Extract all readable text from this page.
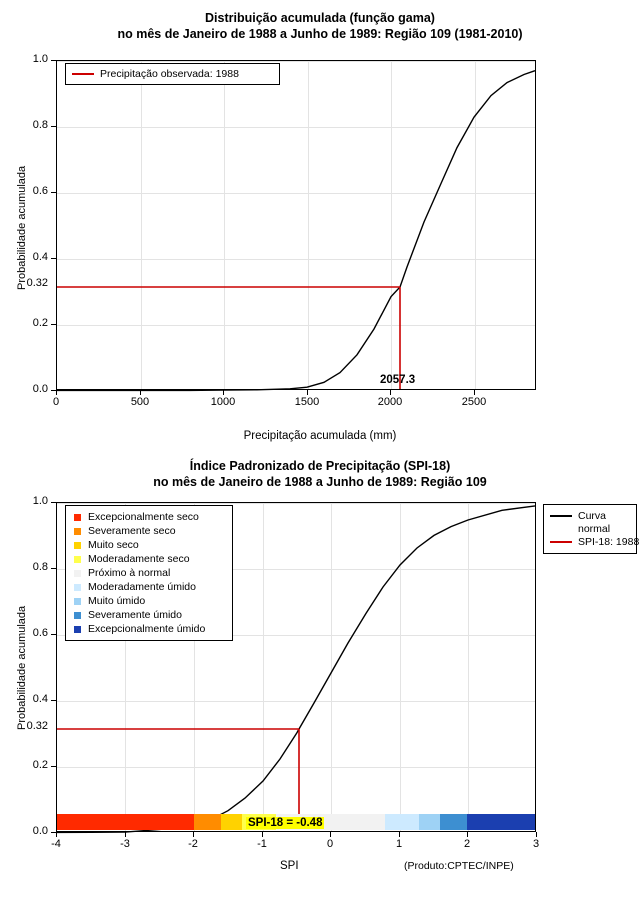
Distribuição acumulada (função gama)
no mês de Janeiro de 1988 a Junho de 1989: Região 109 (1981-2010)
Probabilidade acumulada
0.0
0.2
0.4
0.6
0.8
1.0
0.32
0	500	1000	1500	2000	2500
Precipitação observada: 1988
2057.3
Precipitação acumulada (mm)
Índice Padronizado de Precipitação (SPI-18)
no mês de Janeiro de 1988 a Junho de 1989: Região 109
Probabilidade acumulada
0.0
0.2
0.4
0.6
0.8
1.0
0.32
-4	-3	-2	-1	0	1	2	3
SPI-18 = -0.48
Excepcionalmente seco
Severamente seco
Muito seco
Moderadamente seco
Próximo à normal
Moderadamente úmido
Muito úmido
Severamente úmido
Excepcionalmente úmido
Curva
normal
SPI-18: 1988
SPI	(Produto:CPTEC/INPE)
